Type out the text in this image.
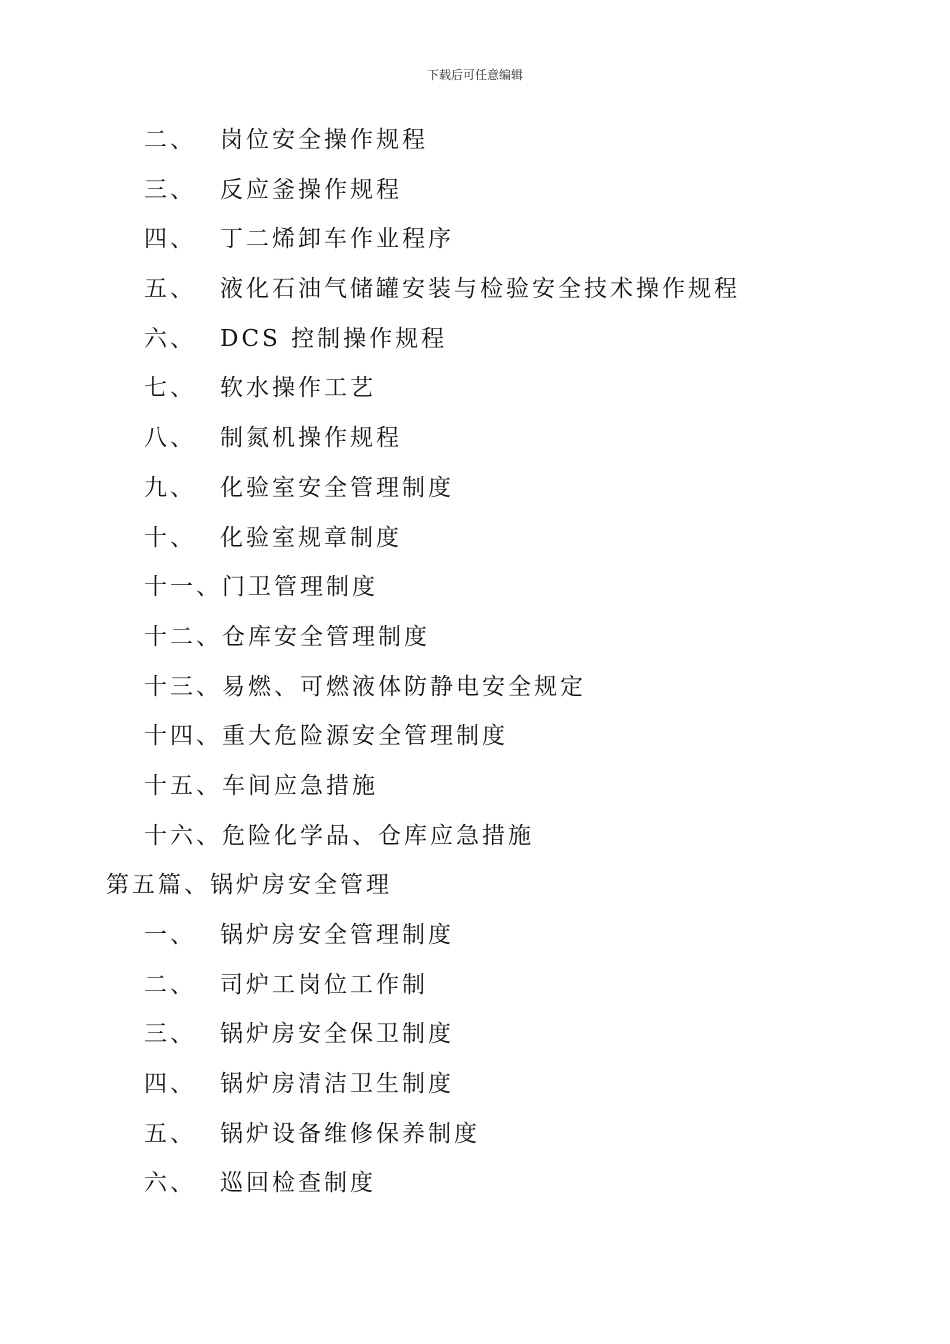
下载后可任意编辑
二、 岗位安全操作规程
三、 反应釜操作规程
四、 丁二烯卸车作业程序
五、 液化石油气储罐安装与检验安全技术操作规程
六、 DCS 控制操作规程
七、 软水操作工艺
八、 制氮机操作规程
九、 化验室安全管理制度
十、 化验室规章制度
十一、门卫管理制度
十二、仓库安全管理制度
十三、易燃、可燃液体防静电安全规定
十四、重大危险源安全管理制度
十五、车间应急措施
十六、危险化学品、仓库应急措施
第五篇、锅炉房安全管理
一、 锅炉房安全管理制度
二、 司炉工岗位工作制
三、 锅炉房安全保卫制度
四、 锅炉房清洁卫生制度
五、 锅炉设备维修保养制度
六、 巡回检查制度
